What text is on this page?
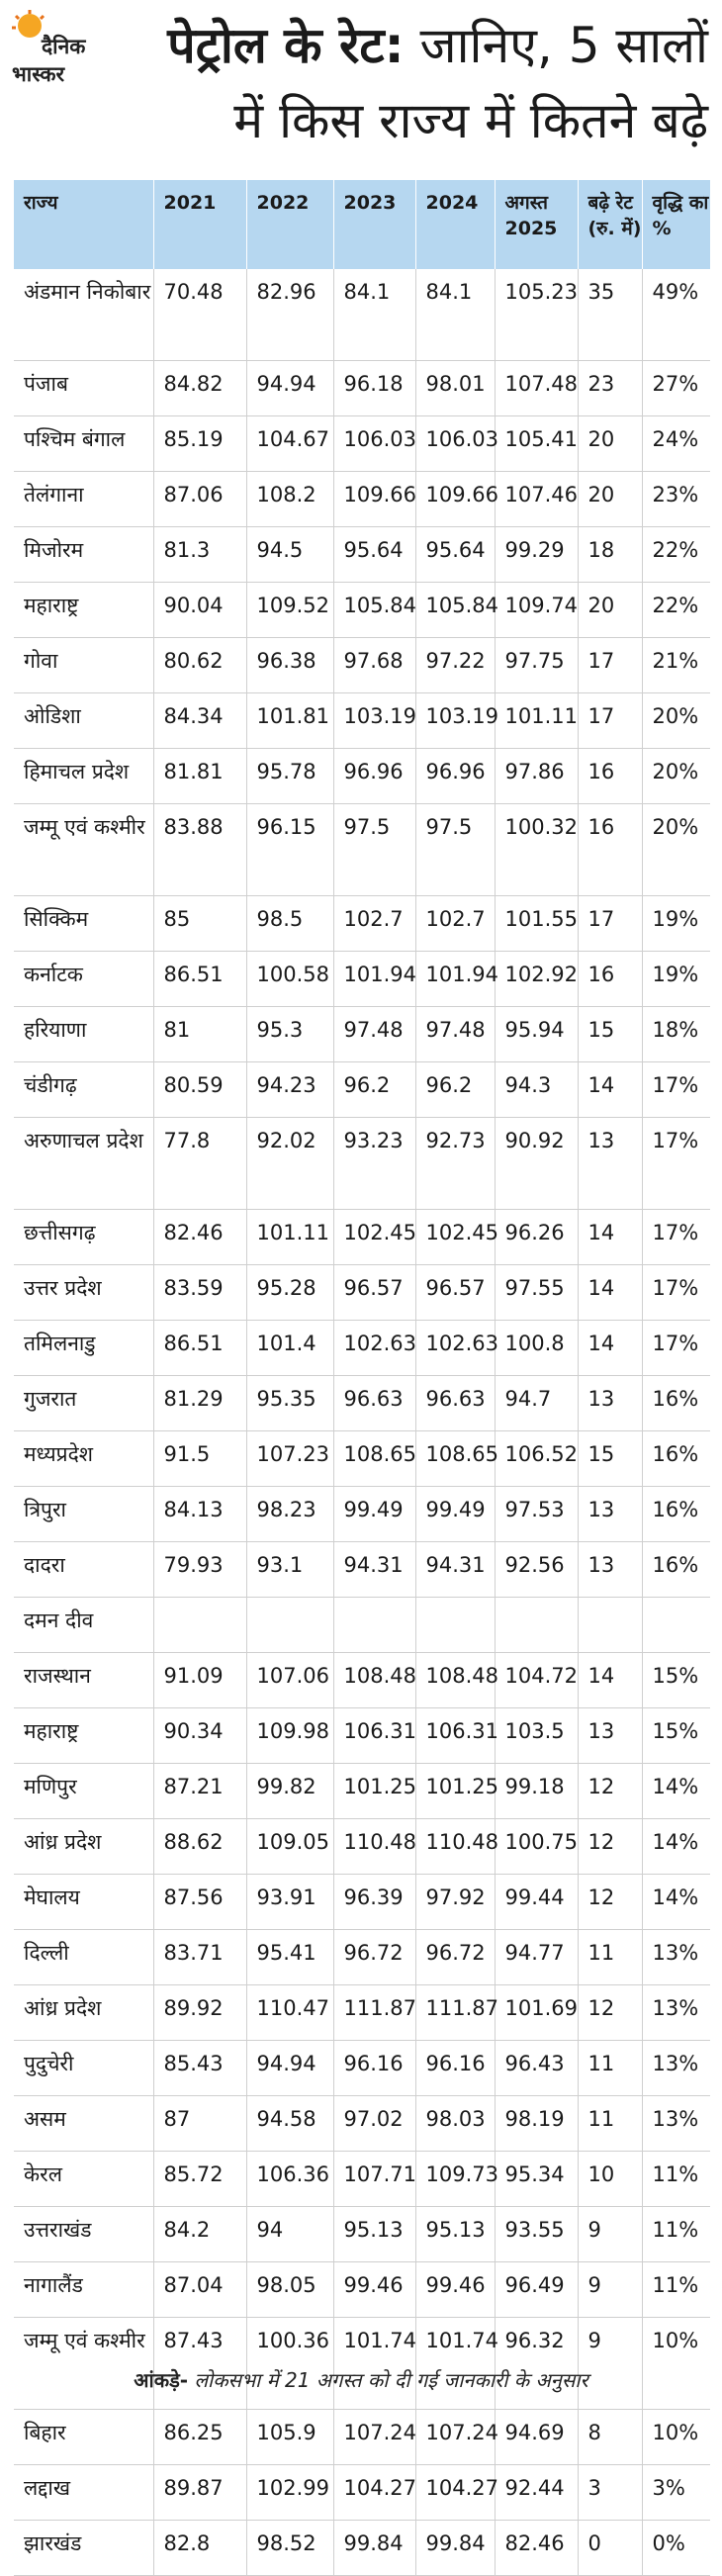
दैनिक
भास्कर	पेट्रोल के रेट: जानिए, 5 सालों
में किस राज्य में कितने बढ़े
राज्य	2021	2022	2023	2024	अगस्त 2025	बढ़े रेट (रु. में)	वृद्धि का %
अंडमान निकोबार	70.48	82.96	84.1	84.1	105.23	35	49%
पंजाब	84.82	94.94	96.18	98.01	107.48	23	27%
पश्चिम बंगाल	85.19	104.67	106.03	106.03	105.41	20	24%
तेलंगाना	87.06	108.2	109.66	109.66	107.46	20	23%
मिजोरम	81.3	94.5	95.64	95.64	99.29	18	22%
महाराष्ट्र	90.04	109.52	105.84	105.84	109.74	20	22%
गोवा	80.62	96.38	97.68	97.22	97.75	17	21%
ओडिशा	84.34	101.81	103.19	103.19	101.11	17	20%
हिमाचल प्रदेश	81.81	95.78	96.96	96.96	97.86	16	20%
जम्मू एवं कश्मीर	83.88	96.15	97.5	97.5	100.32	16	20%
सिक्किम	85	98.5	102.7	102.7	101.55	17	19%
कर्नाटक	86.51	100.58	101.94	101.94	102.92	16	19%
हरियाणा	81	95.3	97.48	97.48	95.94	15	18%
चंडीगढ़	80.59	94.23	96.2	96.2	94.3	14	17%
अरुणाचल प्रदेश	77.8	92.02	93.23	92.73	90.92	13	17%
छत्तीसगढ़	82.46	101.11	102.45	102.45	96.26	14	17%
उत्तर प्रदेश	83.59	95.28	96.57	96.57	97.55	14	17%
तमिलनाडु	86.51	101.4	102.63	102.63	100.8	14	17%
गुजरात	81.29	95.35	96.63	96.63	94.7	13	16%
मध्यप्रदेश	91.5	107.23	108.65	108.65	106.52	15	16%
त्रिपुरा	84.13	98.23	99.49	99.49	97.53	13	16%
दादरा	79.93	93.1	94.31	94.31	92.56	13	16%
दमन दीव							
राजस्थान	91.09	107.06	108.48	108.48	104.72	14	15%
महाराष्ट्र	90.34	109.98	106.31	106.31	103.5	13	15%
मणिपुर	87.21	99.82	101.25	101.25	99.18	12	14%
आंध्र प्रदेश	88.62	109.05	110.48	110.48	100.75	12	14%
मेघालय	87.56	93.91	96.39	97.92	99.44	12	14%
दिल्ली	83.71	95.41	96.72	96.72	94.77	11	13%
आंध्र प्रदेश	89.92	110.47	111.87	111.87	101.69	12	13%
पुदुचेरी	85.43	94.94	96.16	96.16	96.43	11	13%
असम	87	94.58	97.02	98.03	98.19	11	13%
केरल	85.72	106.36	107.71	109.73	95.34	10	11%
उत्तराखंड	84.2	94	95.13	95.13	93.55	9	11%
नागालैंड	87.04	98.05	99.46	99.46	96.49	9	11%
जम्मू एवं कश्मीर	87.43	100.36	101.74	101.74	96.32	9	10%
बिहार	86.25	105.9	107.24	107.24	94.69	8	10%
लद्दाख	89.87	102.99	104.27	104.27	92.44	3	3%
झारखंड	82.8	98.52	99.84	99.84	82.46	0	0%
आंकड़े- लोकसभा में 21 अगस्त को दी गई जानकारी के अनुसार
